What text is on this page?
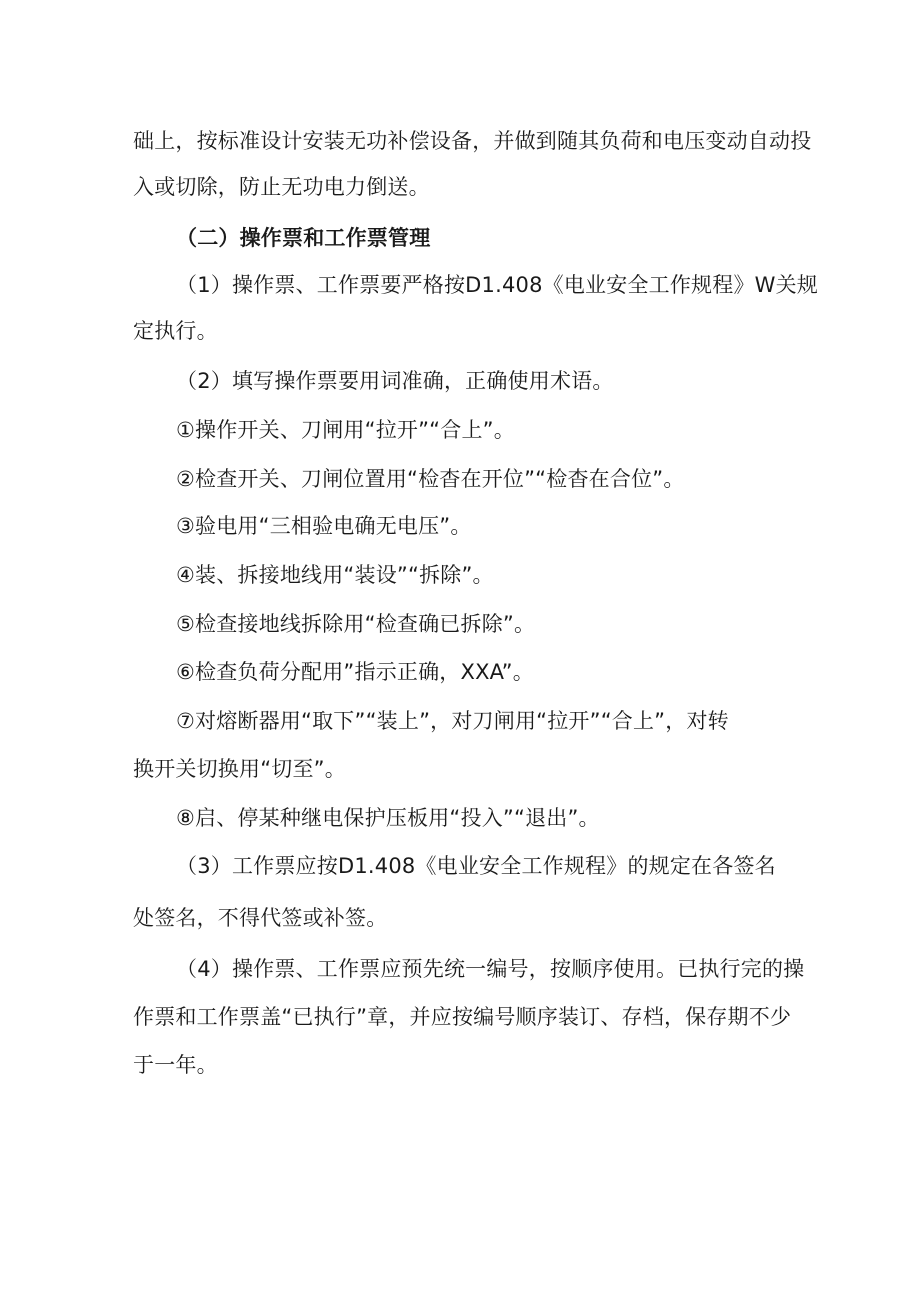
础上，按标准设计安装无功补偿设备，并做到随其负荷和电压变动自动投
入或切除，防止无功电力倒送。
（二）操作票和工作票管理
（1）操作票、工作票要严格按D1.408《电业安全工作规程》W关规
定执行。
（2）填写操作票要用词准确，正确使用术语。
①操作开关、刀闸用“拉开”“合上”。
②检查开关、刀闸位置用“检杳在开位”“检杳在合位”。
③验电用“三相验电确无电压”。
④装、拆接地线用“装设”“拆除”。
⑤检查接地线拆除用“检查确已拆除”。
⑥检查负荷分配用”指示正确，XXA”。
⑦对熔断器用“取下”“装上”，对刀闸用“拉开”“合上”，对转
换开关切换用“切至”。
⑧启、停某种继电保护压板用“投入”“退出”。
（3）工作票应按D1.408《电业安全工作规程》的规定在各签名
处签名，不得代签或补签。
（4）操作票、工作票应预先统一编号，按顺序使用。已执行完的操
作票和工作票盖“已执行”章，并应按编号顺序装订、存档，保存期不少
于一年。
